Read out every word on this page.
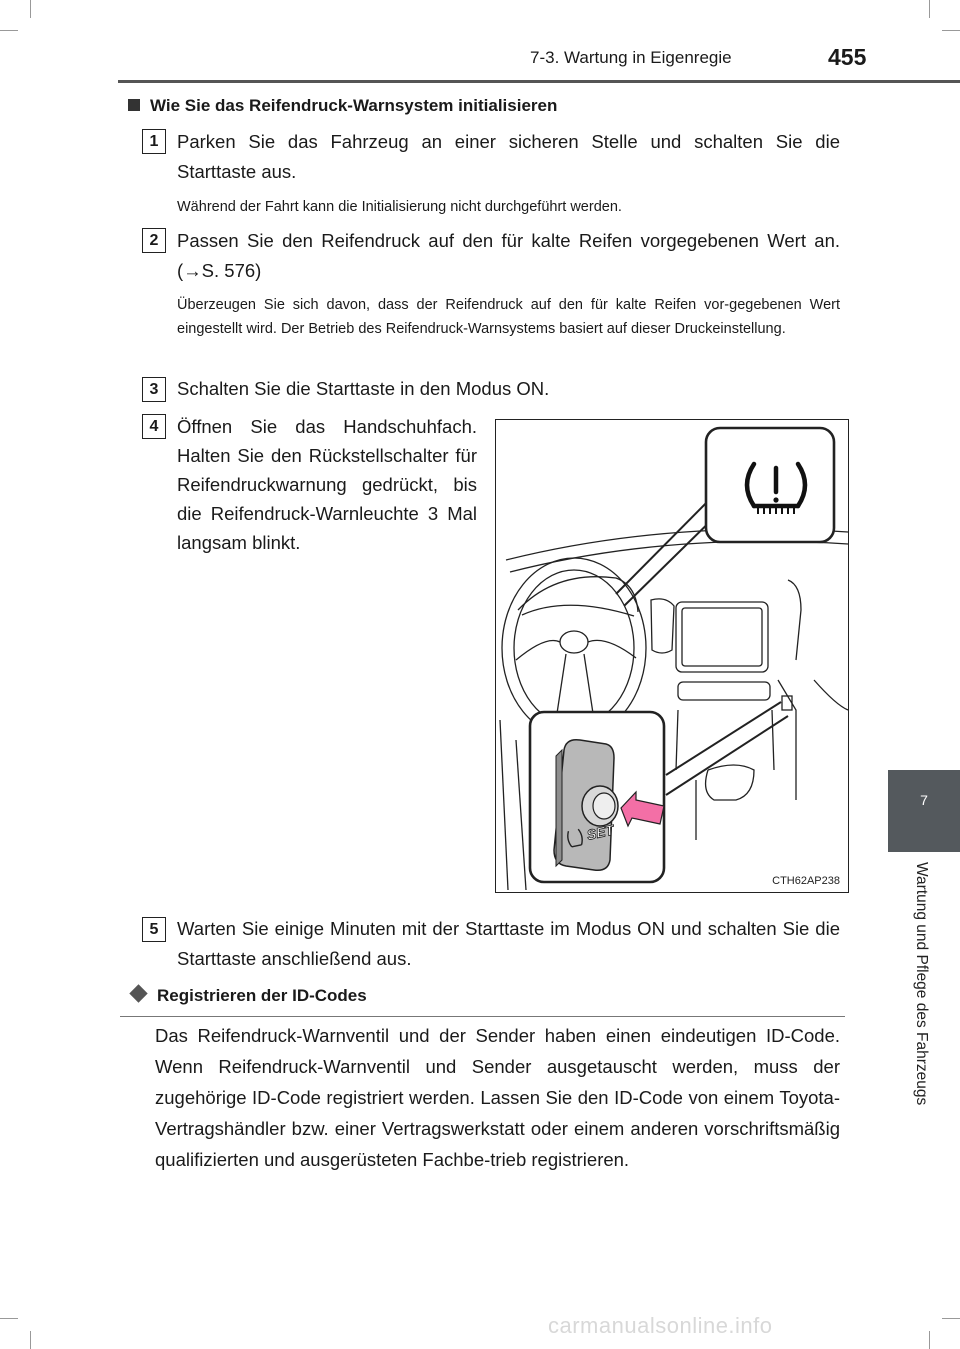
7-3. Wartung in Eigenregie	455
7
Wartung und Pflege des Fahrzeugs
Wie Sie das Reifendruck-Warnsystem initialisieren
1	Parken Sie das Fahrzeug an einer sicheren Stelle und schalten Sie die Starttaste aus.
Während der Fahrt kann die Initialisierung nicht durchgeführt werden.
2	Passen Sie den Reifendruck auf den für kalte Reifen vorgegebenen Wert an. (→S. 576)
Überzeugen Sie sich davon, dass der Reifendruck auf den für kalte Reifen vor-gegebenen Wert eingestellt wird. Der Betrieb des Reifendruck-Warnsystems basiert auf dieser Druckeinstellung.
3	Schalten Sie die Starttaste in den Modus ON.
4	Öffnen Sie das Handschuhfach. Halten Sie den Rückstellschalter für Reifendruckwarnung gedrückt, bis die Reifendruck-Warnleuchte 3 Mal langsam blinkt.
SET
CTH62AP238
5	Warten Sie einige Minuten mit der Starttaste im Modus ON und schalten Sie die Starttaste anschließend aus.
Registrieren der ID-Codes
Das Reifendruck-Warnventil und der Sender haben einen eindeutigen ID-Code. Wenn Reifendruck-Warnventil und Sender ausgetauscht werden, muss der zugehörige ID-Code registriert werden. Lassen Sie den ID-Code von einem Toyota-Vertragshändler bzw. einer Vertragswerkstatt oder einem anderen vorschriftsmäßig qualifizierten und ausgerüsteten Fachbe-trieb registrieren.
carmanualsonline.info
